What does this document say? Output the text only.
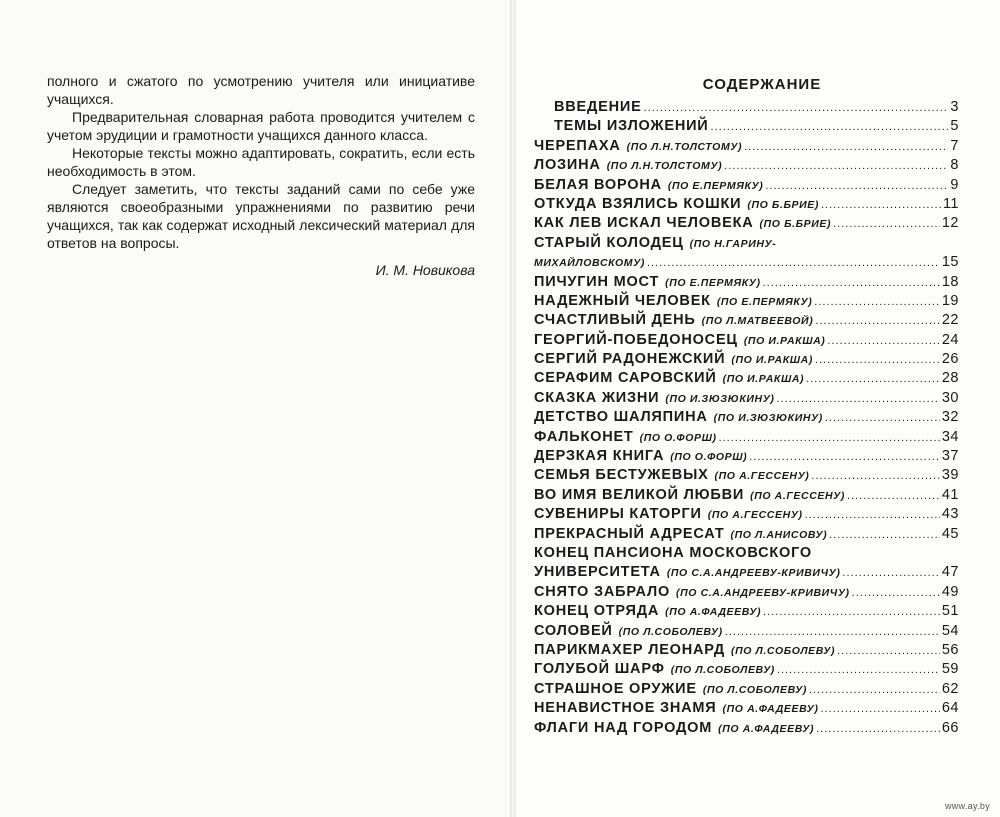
полного и сжатого по усмотрению учителя или инициативе учащихся.

Предварительная словарная работа проводится учителем с учетом эрудиции и грамотности учащихся данного класса.

Некоторые тексты можно адаптировать, сократить, если есть необходимость в этом.

Следует заметить, что тексты заданий сами по себе уже являются своеобразными упражнениями по развитию речи учащихся, так как содержат исходный лексический материал для ответов на вопросы.

И. М. Новикова
СОДЕРЖАНИЕ
ВВЕДЕНИЕ .....	3
ТЕМЫ ИЗЛОЖЕНИЙ .....	5
ЧЕРЕПАХА (ПО Л.Н.ТОЛСТОМУ) .....	7
ЛОЗИНА (ПО Л.Н.ТОЛСТОМУ) .....	8
БЕЛАЯ ВОРОНА (ПО Е.ПЕРМЯКУ) .....	9
ОТКУДА ВЗЯЛИСЬ КОШКИ (ПО Б.БРИЕ) .....	11
КАК ЛЕВ ИСКАЛ ЧЕЛОВЕКА (ПО Б.БРИЕ) .....	12
СТАРЫЙ КОЛОДЕЦ (ПО Н.ГАРИНУ-
МИХАЙЛОВСКОМУ) .....	15
ПИЧУГИН МОСТ (ПО Е.ПЕРМЯКУ) .....	18
НАДЕЖНЫЙ ЧЕЛОВЕК (ПО Е.ПЕРМЯКУ) .....	19
СЧАСТЛИВЫЙ ДЕНЬ (ПО Л.МАТВЕЕВОЙ) .....	22
ГЕОРГИЙ-ПОБЕДОНОСЕЦ (ПО И.РАКША) .....	24
СЕРГИЙ РАДОНЕЖСКИЙ (ПО И.РАКША) .....	26
СЕРАФИМ САРОВСКИЙ (ПО И.РАКША) .....	28
СКАЗКА ЖИЗНИ (ПО И.ЗЮЗЮКИНУ) .....	30
ДЕТСТВО ШАЛЯПИНА (ПО И.ЗЮЗЮКИНУ) .....	32
ФАЛЬКОНЕТ (ПО О.ФОРШ) .....	34
ДЕРЗКАЯ КНИГА (ПО О.ФОРШ) .....	37
СЕМЬЯ БЕСТУЖЕВЫХ (ПО А.ГЕССЕНУ) .....	39
ВО ИМЯ ВЕЛИКОЙ ЛЮБВИ (ПО А.ГЕССЕНУ) .....	41
СУВЕНИРЫ КАТОРГИ (ПО А.ГЕССЕНУ) .....	43
ПРЕКРАСНЫЙ АДРЕСАТ (ПО Л.АНИСОВУ) .....	45
КОНЕЦ ПАНСИОНА МОСКОВСКОГО
УНИВЕРСИТЕТА (ПО С.А.АНДРЕЕВУ-КРИВИЧУ) .....	47
СНЯТО ЗАБРАЛО (ПО С.А.АНДРЕЕВУ-КРИВИЧУ) .....	49
КОНЕЦ ОТРЯДА (ПО А.ФАДЕЕВУ) .....	51
СОЛОВЕЙ (ПО Л.СОБОЛЕВУ) .....	54
ПАРИКМАХЕР ЛЕОНАРД (ПО Л.СОБОЛЕВУ) .....	56
ГОЛУБОЙ ШАРФ (ПО Л.СОБОЛЕВУ) .....	59
СТРАШНОЕ ОРУЖИЕ (ПО Л.СОБОЛЕВУ) .....	62
НЕНАВИСТНОЕ ЗНАМЯ (ПО А.ФАДЕЕВУ) .....	64
ФЛАГИ НАД ГОРОДОМ (ПО А.ФАДЕЕВУ) .....	66
www.ay.by
